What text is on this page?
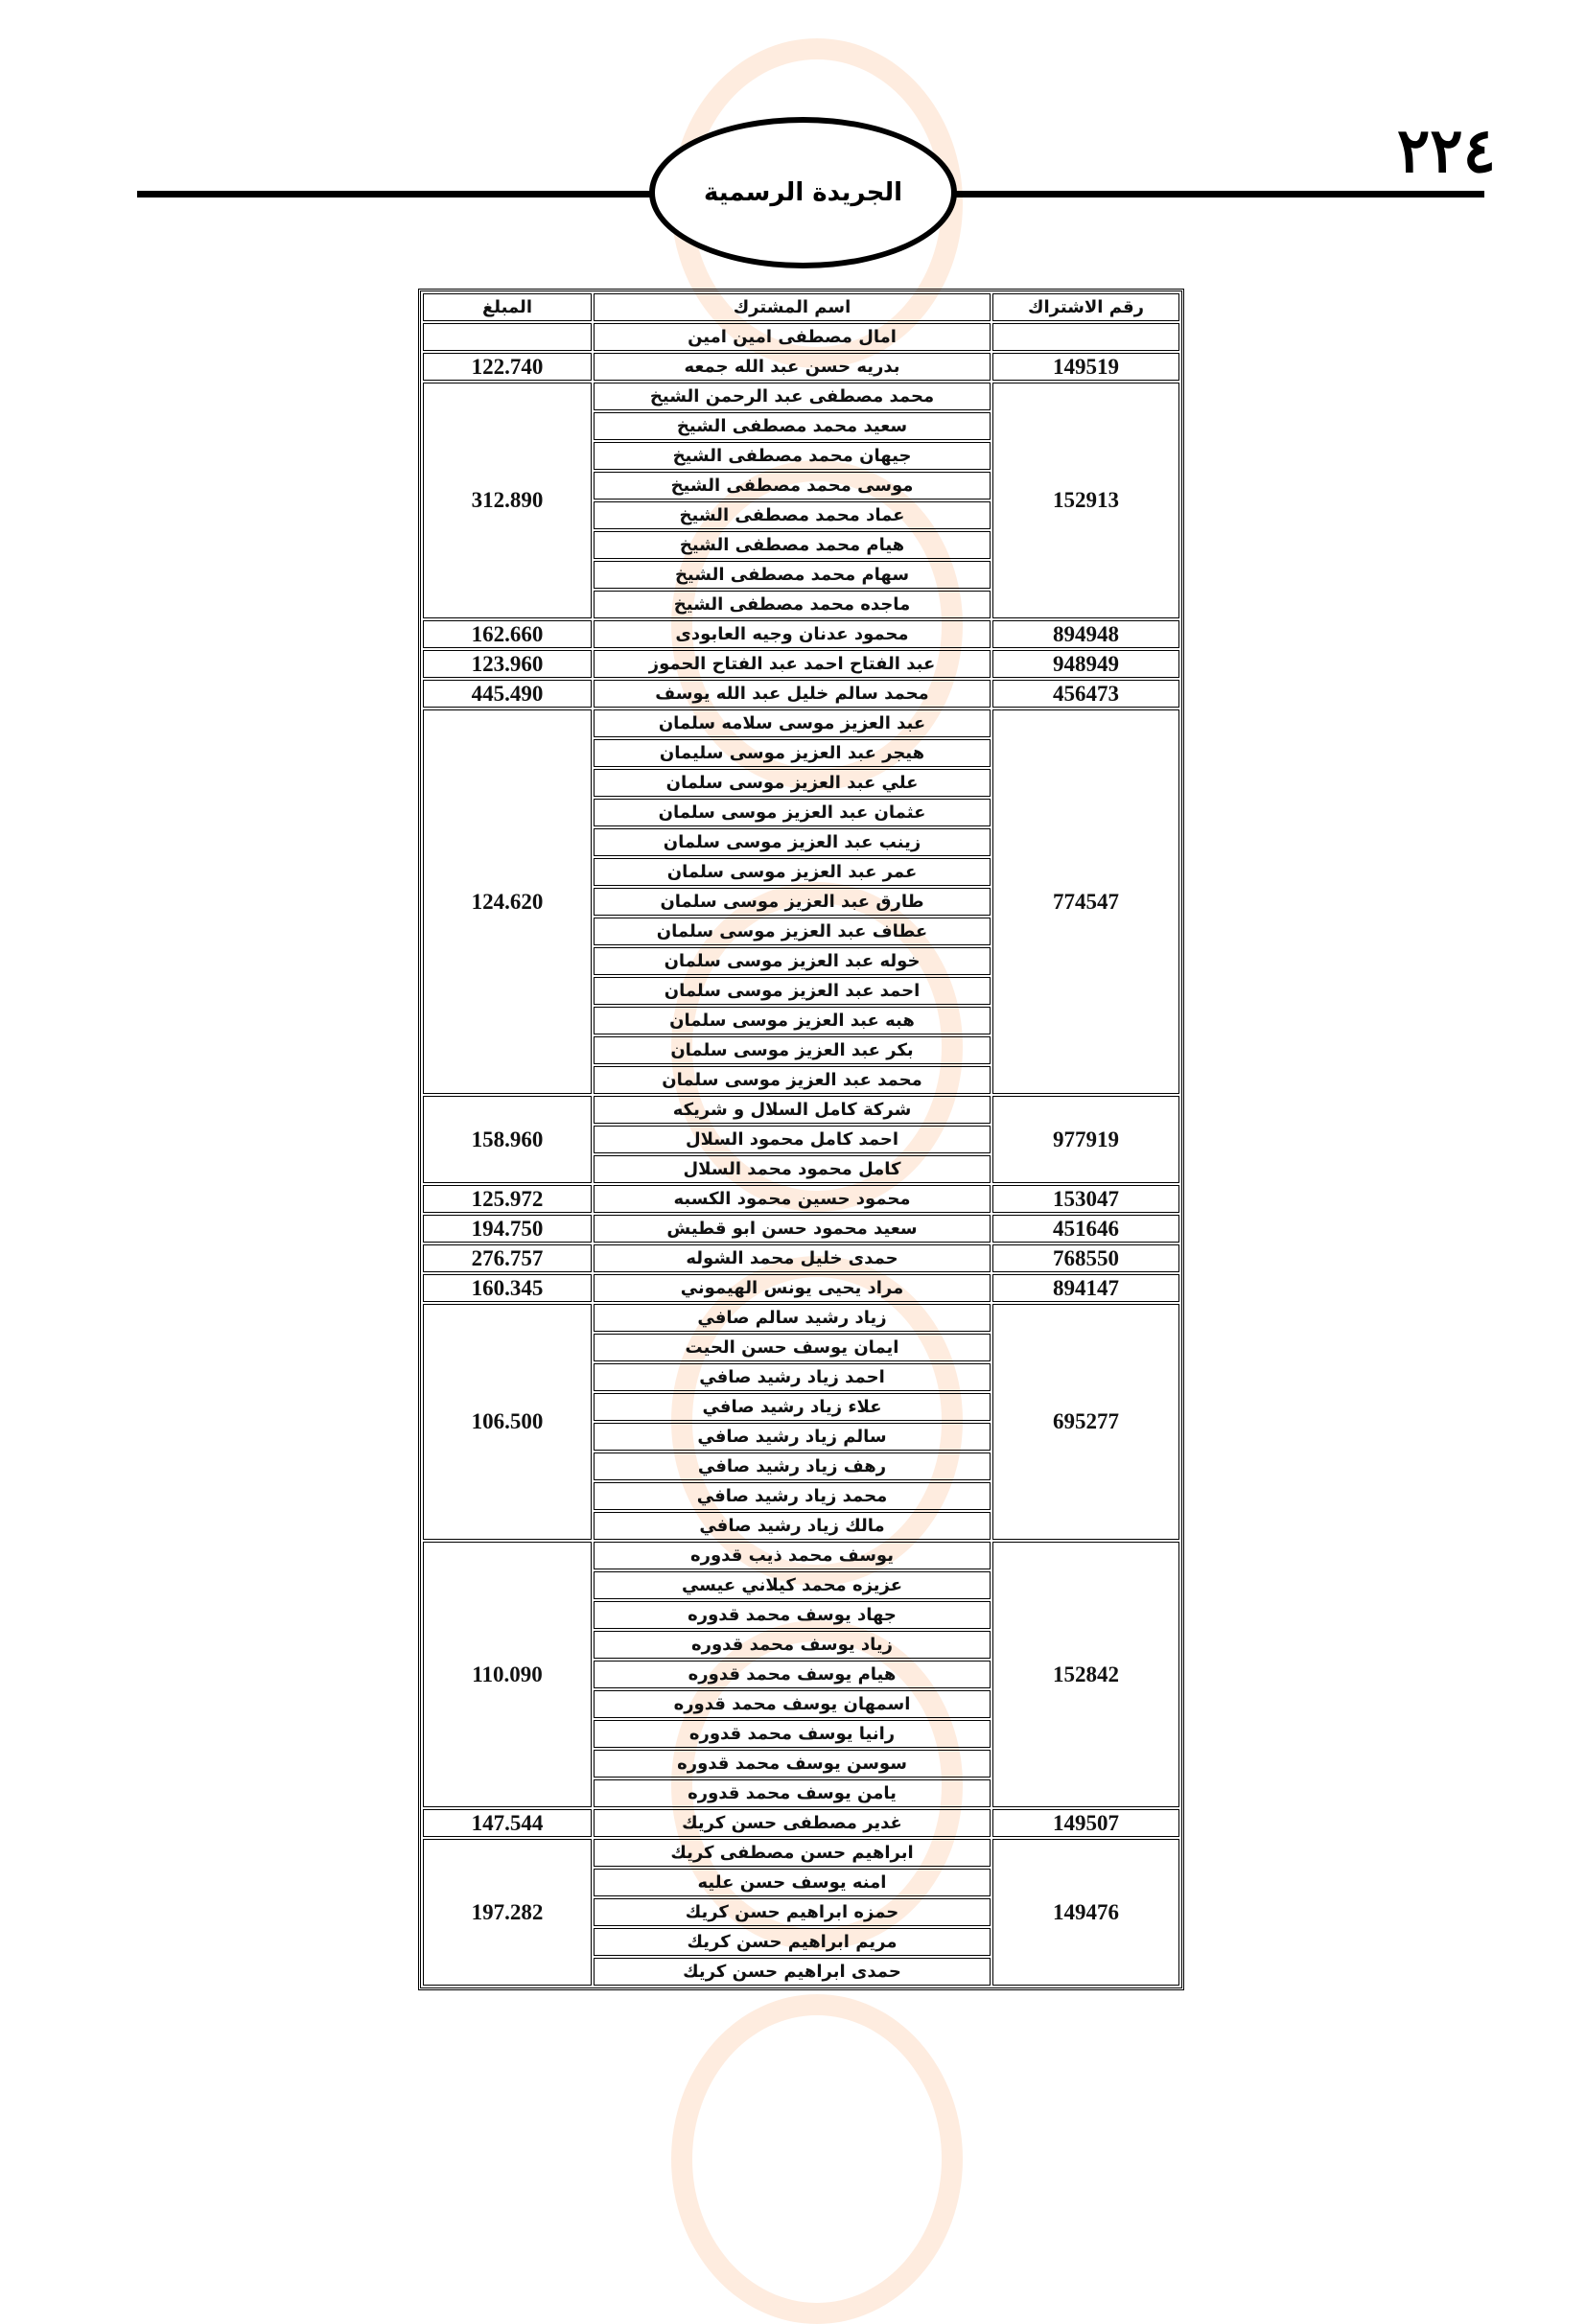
٢٢٤
الجريدة الرسمية
رقم الاشتراك	اسم المشترك	المبلغ
	امال مصطفى امين امين	
149519	بدريه حسن عبد الله جمعه	122.740
152913	محمد مصطفى عبد الرحمن الشيخ	312.890
	سعيد محمد مصطفى الشيخ	
	جيهان محمد مصطفى الشيخ	
	موسى محمد مصطفى الشيخ	
	عماد محمد مصطفى الشيخ	
	هيام محمد مصطفى الشيخ	
	سهام محمد مصطفى الشيخ	
	ماجده محمد مصطفى الشيخ	
894948	محمود عدنان وجيه العابودى	162.660
948949	عبد الفتاح احمد عبد الفتاح الحموز	123.960
456473	محمد سالم خليل عبد الله يوسف	445.490
774547	عبد العزيز موسى سلامه سلمان	124.620
	هيجر عبد العزيز موسى سليمان	
	علي عبد العزيز موسى سلمان	
	عثمان عبد العزيز موسى سلمان	
	زينب عبد العزيز موسى سلمان	
	عمر عبد العزيز موسى سلمان	
	طارق عبد العزيز موسى سلمان	
	عطاف عبد العزيز موسى سلمان	
	خوله عبد العزيز موسى سلمان	
	احمد عبد العزيز موسى سلمان	
	هبه عبد العزيز موسى سلمان	
	بكر عبد العزيز موسى سلمان	
	محمد عبد العزيز موسى سلمان	
977919	شركة كامل السلال و شريكه	158.960
	احمد كامل محمود السلال	
	كامل محمود محمد السلال	
153047	محمود حسين محمود الكسبه	125.972
451646	سعيد محمود حسن ابو قطيش	194.750
768550	حمدى خليل محمد الشوله	276.757
894147	مراد يحيى يونس الهيموني	160.345
695277	زياد رشيد سالم صافي	106.500
	ايمان يوسف حسن الحيت	
	احمد زياد رشيد صافي	
	علاء زياد رشيد صافي	
	سالم زياد رشيد صافي	
	رهف زياد رشيد صافي	
	محمد زياد رشيد صافي	
	مالك زياد رشيد صافي	
152842	يوسف محمد ذيب قدوره	110.090
	عزيزه محمد كيلاني عيسي	
	جهاد يوسف محمد قدوره	
	زياد يوسف محمد قدوره	
	هيام يوسف محمد قدوره	
	اسمهان يوسف محمد قدوره	
	رانيا يوسف محمد قدوره	
	سوسن يوسف محمد قدوره	
	يامن يوسف محمد قدوره	
149507	غدير مصطفى حسن كريك	147.544
149476	ابراهيم حسن مصطفى كريك	197.282
	امنه يوسف حسن عليه	
	حمزه ابراهيم حسن كريك	
	مريم ابراهيم حسن كريك	
	حمدى ابراهيم حسن كريك	
